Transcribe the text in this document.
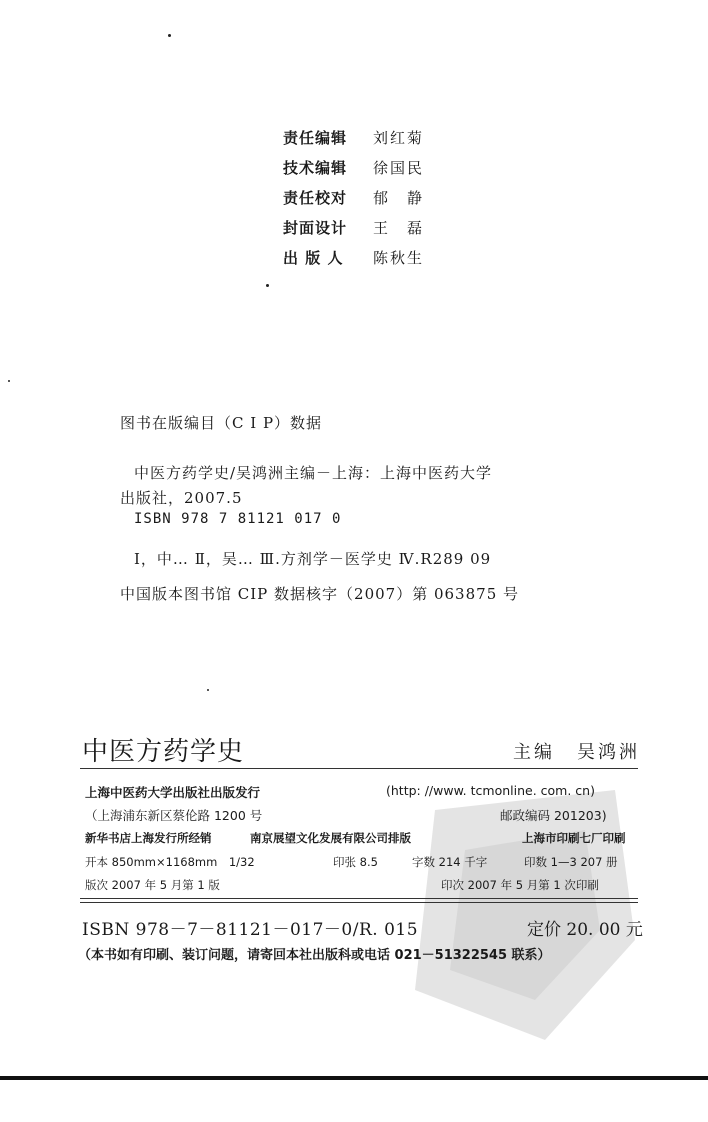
责任编辑	刘红菊
技术编辑	徐国民
责任校对	郁　静
封面设计	王　磊
出 版 人	陈秋生
图书在版编目（C I P）数据
中医方药学史/吴鸿洲主编－上海：上海中医药大学
出版社，2007.5
ISBN 978 7 81121 017 0
Ⅰ，中… Ⅱ，吴… Ⅲ.方剂学－医学史 Ⅳ.R289 09
中国版本图书馆 CIP 数据核字（2007）第 063875 号
中医方药学史	主编 吴鸿洲
上海中医药大学出版社出版发行	(http: //www. tcmonline. com. cn)
（上海浦东新区蔡伦路 1200 号	邮政编码 201203)
新华书店上海发行所经销	南京展望文化发展有限公司排版	上海市印刷七厂印刷
开本 850mm×1168mm　1/32	印张 8.5	字数 214 千字	印数 1—3 207 册
版次 2007 年 5 月第 1 版	印次 2007 年 5 月第 1 次印刷
ISBN 978－7－81121－017－0/R. 015	定价 20. 00 元
（本书如有印刷、装订问题，请寄回本社出版科或电话 021－51322545 联系）
